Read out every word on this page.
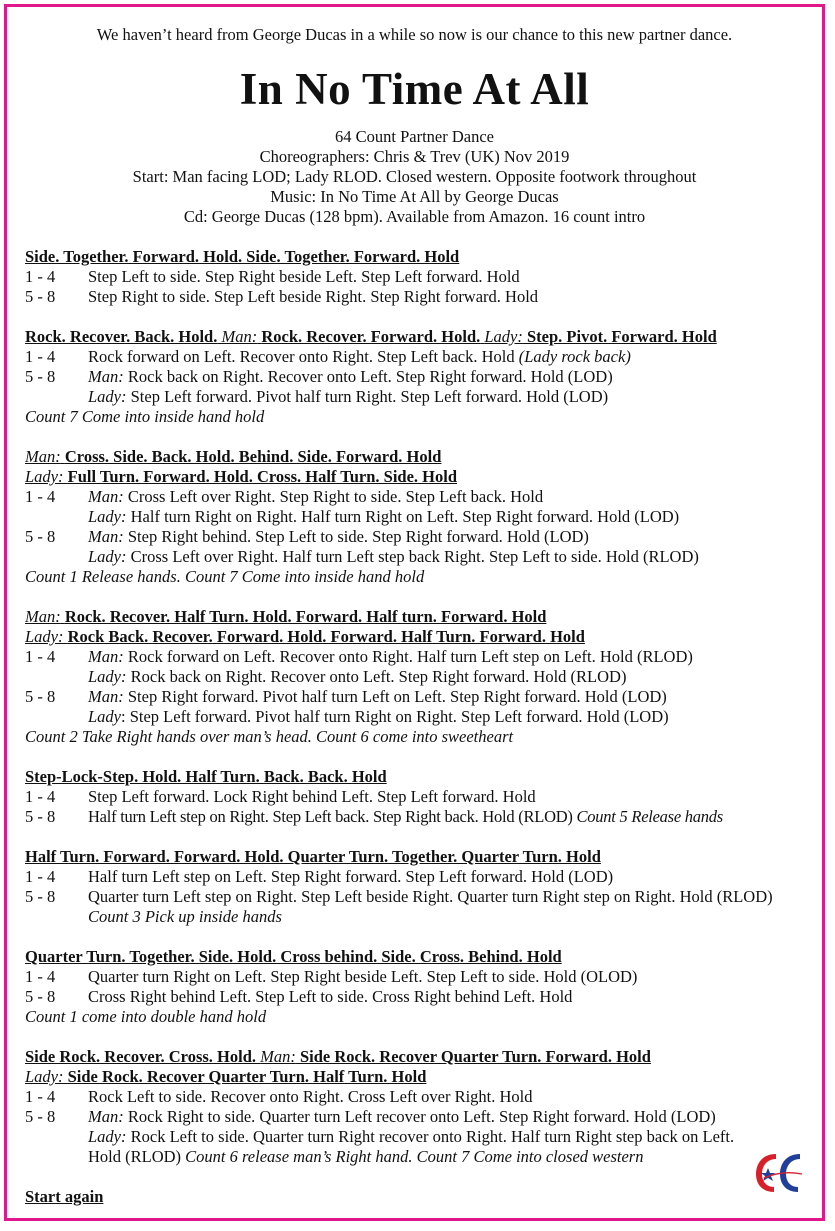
We haven’t heard from George Ducas in a while so now is our chance to this new partner dance.
In No Time At All
64 Count Partner Dance
Choreographers: Chris & Trev (UK) Nov 2019
Start: Man facing LOD; Lady RLOD. Closed western. Opposite footwork throughout
Music: In No Time At All by George Ducas
Cd: George Ducas (128 bpm). Available from Amazon. 16 count intro
Side. Together. Forward. Hold. Side. Together. Forward. Hold
1 - 4	Step Left to side. Step Right beside Left. Step Left forward. Hold
5 - 8	Step Right to side. Step Left beside Right. Step Right forward. Hold
Rock. Recover. Back. Hold. Man: Rock. Recover. Forward. Hold. Lady: Step. Pivot. Forward. Hold
1 - 4	Rock forward on Left. Recover onto Right. Step Left back. Hold (Lady rock back)
5 - 8	Man: Rock back on Right. Recover onto Left. Step Right forward. Hold (LOD)
Lady: Step Left forward. Pivot half turn Right. Step Left forward. Hold (LOD)
Count 7 Come into inside hand hold
Man: Cross. Side. Back. Hold. Behind. Side. Forward. Hold
Lady: Full Turn. Forward. Hold. Cross. Half Turn. Side. Hold
1 - 4	Man: Cross Left over Right. Step Right to side. Step Left back. Hold
Lady: Half turn Right on Right. Half turn Right on Left. Step Right forward. Hold (LOD)
5 - 8	Man: Step Right behind. Step Left to side. Step Right forward. Hold (LOD)
Lady: Cross Left over Right. Half turn Left step back Right. Step Left to side. Hold (RLOD)
Count 1 Release hands. Count 7 Come into inside hand hold
Man: Rock. Recover. Half Turn. Hold. Forward. Half turn. Forward. Hold
Lady: Rock Back. Recover. Forward. Hold. Forward. Half Turn. Forward. Hold
1 - 4	Man: Rock forward on Left. Recover onto Right. Half turn Left step on Left. Hold (RLOD)
Lady: Rock back on Right. Recover onto Left. Step Right forward. Hold (RLOD)
5 - 8	Man: Step Right forward. Pivot half turn Left on Left. Step Right forward. Hold (LOD)
Lady: Step Left forward. Pivot half turn Right on Right. Step Left forward. Hold (LOD)
Count 2 Take Right hands over man’s head. Count 6 come into sweetheart
Step-Lock-Step. Hold. Half Turn. Back. Back. Hold
1 - 4	Step Left forward. Lock Right behind Left. Step Left forward. Hold
5 - 8	Half turn Left step on Right. Step Left back. Step Right back. Hold (RLOD) Count 5 Release hands
Half Turn. Forward. Forward. Hold. Quarter Turn. Together. Quarter Turn. Hold
1 - 4	Half turn Left step on Left. Step Right forward. Step Left forward. Hold (LOD)
5 - 8	Quarter turn Left step on Right. Step Left beside Right. Quarter turn Right step on Right. Hold (RLOD) Count 3 Pick up inside hands
Quarter Turn. Together. Side. Hold. Cross behind. Side. Cross. Behind. Hold
1 - 4	Quarter turn Right on Left. Step Right beside Left. Step Left to side. Hold (OLOD)
5 - 8	Cross Right behind Left. Step Left to side. Cross Right behind Left. Hold
Count 1 come into double hand hold
Side Rock. Recover. Cross. Hold. Man: Side Rock. Recover Quarter Turn. Forward. Hold
Lady: Side Rock. Recover Quarter Turn. Half Turn. Hold
1 - 4	Rock Left to side. Recover onto Right. Cross Left over Right. Hold
5 - 8	Man: Rock Right to side. Quarter turn Left recover onto Left. Step Right forward. Hold (LOD)
Lady: Rock Left to side. Quarter turn Right recover onto Right. Half turn Right step back on Left. Hold (RLOD) Count 6 release man’s Right hand. Count 7 Come into closed western
Start again
